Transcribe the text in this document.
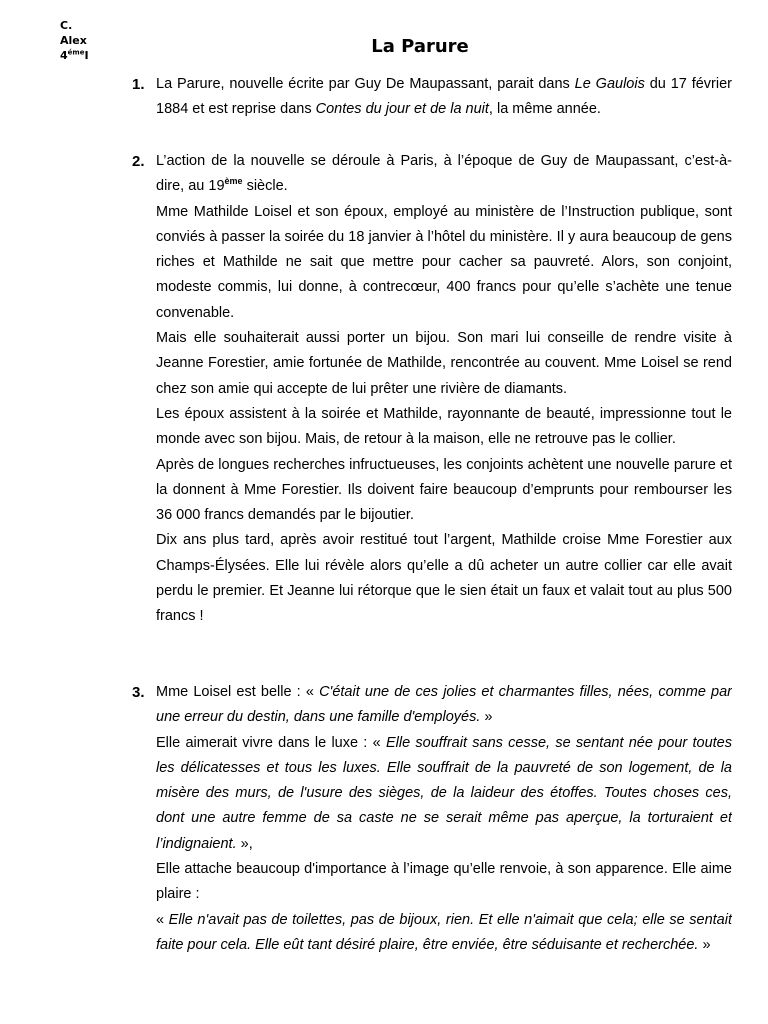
C.
Alex
$4^{éme}I$	La Parure
1. La Parure, nouvelle écrite par Guy De Maupassant, parait dans Le Gaulois du 17 février 1884 et est reprise dans Contes du jour et de la nuit, la même année.

2. L’action de la nouvelle se déroule à Paris, à l’époque de Guy de Maupassant, c’est-à-dire, au 19ème siècle.

Mme Mathilde Loisel et son époux, employé au ministère de l’Instruction publique, sont conviés à passer la soirée du 18 janvier à l’hôtel du ministère. Il y aura beaucoup de gens riches et Mathilde ne sait que mettre pour cacher sa pauvreté. Alors, son conjoint, modeste commis, lui donne, à contrecœur, 400 francs pour qu’elle s’achète une tenue convenable.

Mais elle souhaiterait aussi porter un bijou. Son mari lui conseille de rendre visite à Jeanne Forestier, amie fortunée de Mathilde, rencontrée au couvent. Mme Loisel se rend chez son amie qui accepte de lui prêter une rivière de diamants.

Les époux assistent à la soirée et Mathilde, rayonnante de beauté, impressionne tout le monde avec son bijou. Mais, de retour à la maison, elle ne retrouve pas le collier.

Après de longues recherches infructueuses, les conjoints achètent une nouvelle parure et la donnent à Mme Forestier. Ils doivent faire beaucoup d’emprunts pour rembourser les 36 000 francs demandés par le bijoutier.

Dix ans plus tard, après avoir restitué tout l’argent, Mathilde croise Mme Forestier aux Champs-Élysées. Elle lui révèle alors qu’elle a dû acheter un autre collier car elle avait perdu le premier. Et Jeanne lui rétorque que le sien était un faux et valait tout au plus 500 francs !

3. Mme Loisel est belle : « C'était une de ces jolies et charmantes filles, nées, comme par une erreur du destin, dans une famille d'employés. »

Elle aimerait vivre dans le luxe : « Elle souffrait sans cesse, se sentant née pour toutes les délicatesses et tous les luxes. Elle souffrait de la pauvreté de son logement, de la misère des murs, de l'usure des sièges, de la laideur des étoffes. Toutes choses ces, dont une autre femme de sa caste ne se serait même pas aperçue, la torturaient et l’indignaient. »,

Elle attache beaucoup d'importance à l’image qu’elle renvoie, à son apparence. Elle aime plaire :

« Elle n'avait pas de toilettes, pas de bijoux, rien. Et elle n'aimait que cela; elle se sentait faite pour cela. Elle eût tant désiré plaire, être enviée, être séduisante et recherchée. »
